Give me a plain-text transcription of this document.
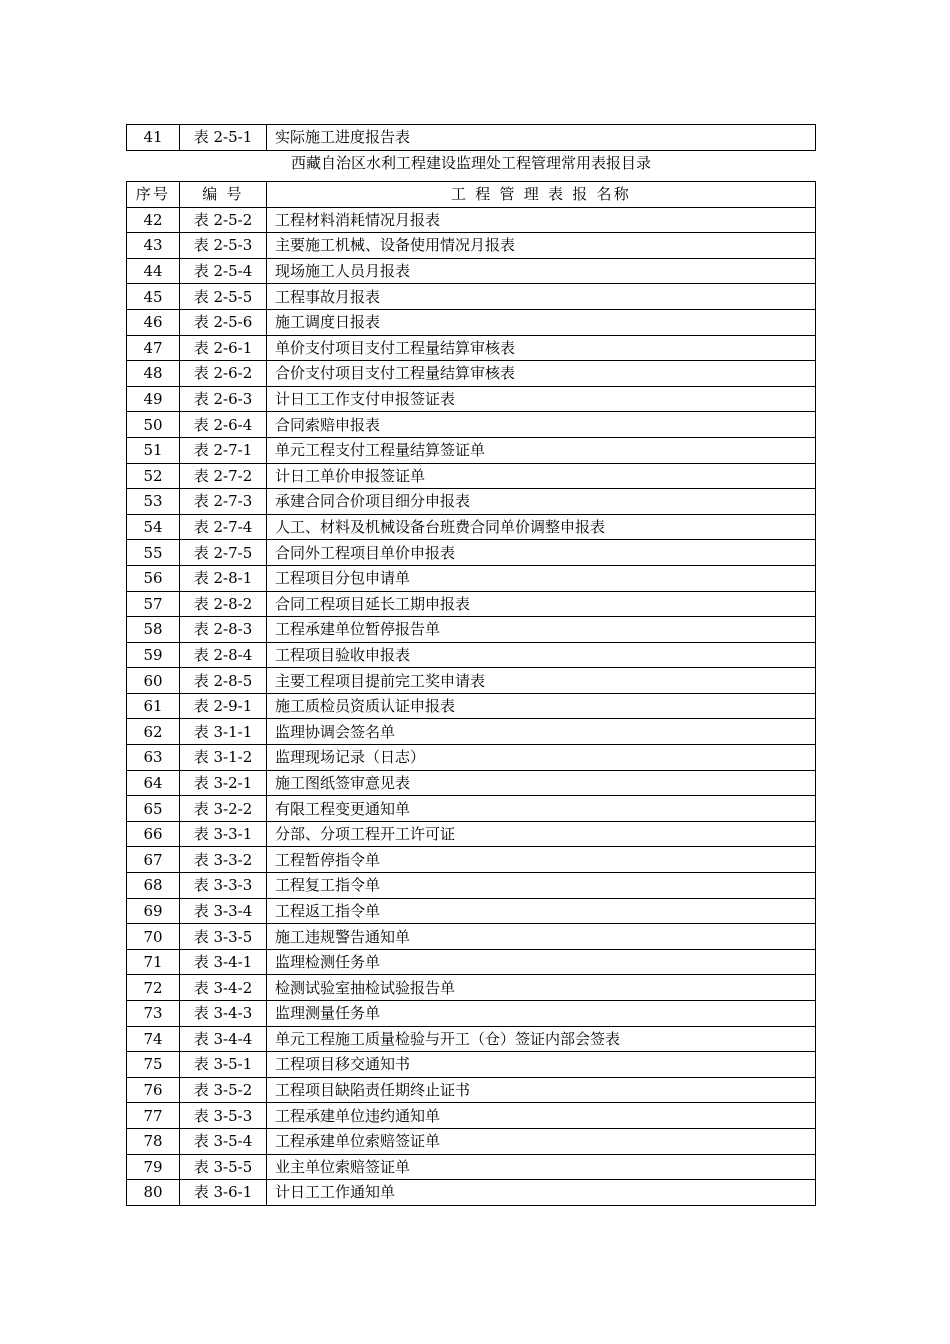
41	表 2-5-1	实际施工进度报告表
西藏自治区水利工程建设监理处工程管理常用表报目录
序号	编 号	工 程 管 理 表 报 名称
42	表 2-5-2	工程材料消耗情况月报表
43	表 2-5-3	主要施工机械、设备使用情况月报表
44	表 2-5-4	现场施工人员月报表
45	表 2-5-5	工程事故月报表
46	表 2-5-6	施工调度日报表
47	表 2-6-1	单价支付项目支付工程量结算审核表
48	表 2-6-2	合价支付项目支付工程量结算审核表
49	表 2-6-3	计日工工作支付申报签证表
50	表 2-6-4	合同索赔申报表
51	表 2-7-1	单元工程支付工程量结算签证单
52	表 2-7-2	计日工单价申报签证单
53	表 2-7-3	承建合同合价项目细分申报表
54	表 2-7-4	人工、材料及机械设备台班费合同单价调整申报表
55	表 2-7-5	合同外工程项目单价申报表
56	表 2-8-1	工程项目分包申请单
57	表 2-8-2	合同工程项目延长工期申报表
58	表 2-8-3	工程承建单位暂停报告单
59	表 2-8-4	工程项目验收申报表
60	表 2-8-5	主要工程项目提前完工奖申请表
61	表 2-9-1	施工质检员资质认证申报表
62	表 3-1-1	监理协调会签名单
63	表 3-1-2	监理现场记录（日志）
64	表 3-2-1	施工图纸签审意见表
65	表 3-2-2	有限工程变更通知单
66	表 3-3-1	分部、分项工程开工许可证
67	表 3-3-2	工程暂停指令单
68	表 3-3-3	工程复工指令单
69	表 3-3-4	工程返工指令单
70	表 3-3-5	施工违规警告通知单
71	表 3-4-1	监理检测任务单
72	表 3-4-2	检测试验室抽检试验报告单
73	表 3-4-3	监理测量任务单
74	表 3-4-4	单元工程施工质量检验与开工（仓）签证内部会签表
75	表 3-5-1	工程项目移交通知书
76	表 3-5-2	工程项目缺陷责任期终止证书
77	表 3-5-3	工程承建单位违约通知单
78	表 3-5-4	工程承建单位索赔签证单
79	表 3-5-5	业主单位索赔签证单
80	表 3-6-1	计日工工作通知单
